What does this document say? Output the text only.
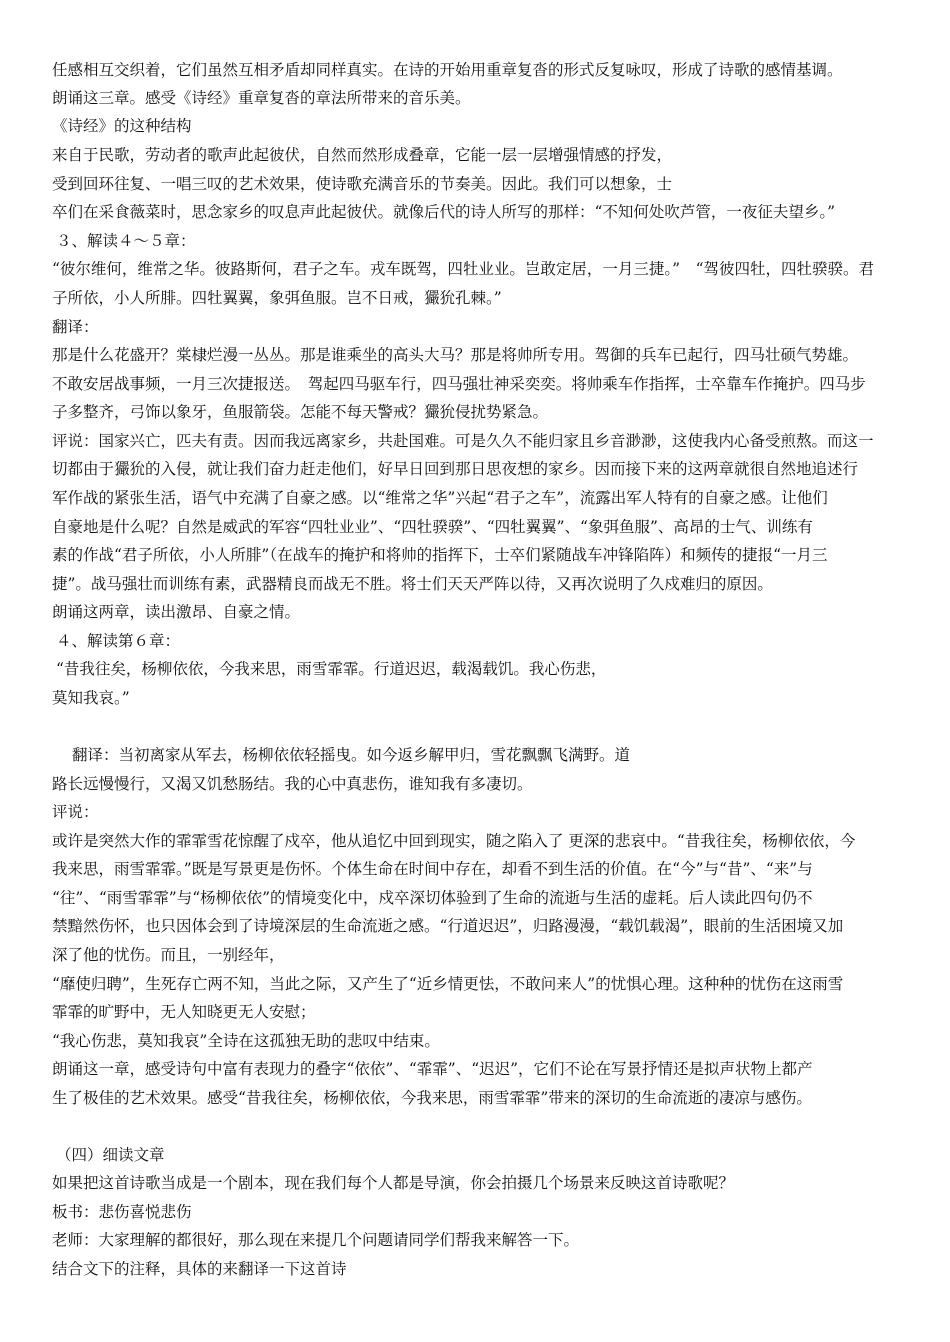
任感相互交织着，它们虽然互相矛盾却同样真实。在诗的开始用重章复沓的形式反复咏叹，形成了诗歌的感情基调。
朗诵这三章。感受《诗经》重章复沓的章法所带来的音乐美。
《诗经》的这种结构
来自于民歌，劳动者的歌声此起彼伏，自然而然形成叠章，它能一层一层增强情感的抒发，
受到回环往复、一唱三叹的艺术效果，使诗歌充满音乐的节奏美。因此。我们可以想象，士
卒们在采食薇菜时，思念家乡的叹息声此起彼伏。就像后代的诗人所写的那样：“不知何处吹芦管，一夜征夫望乡。”
３、解读４～５章：
“彼尔维何，维常之华。彼路斯何，君子之车。戎车既驾，四牡业业。岂敢定居，一月三捷。”　“驾彼四牡，四牡骙骙。君
子所依，小人所腓。四牡翼翼，象弭鱼服。岂不日戒，玁狁孔棘。”
翻译：
那是什么花盛开？棠棣烂漫一丛丛。那是谁乘坐的高头大马？那是将帅所专用。驾御的兵车已起行，四马壮硕气势雄。
不敢安居战事频，一月三次捷报送。　驾起四马驱车行，四马强壮神采奕奕。将帅乘车作指挥，士卒靠车作掩护。四马步
子多整齐，弓饰以象牙，鱼服箭袋。怎能不每天警戒？玁狁侵扰势紧急。
评说：国家兴亡，匹夫有责。因而我远离家乡，共赴国难。可是久久不能归家且乡音渺渺，这使我内心备受煎熬。而这一
切都由于玁狁的入侵，就让我们奋力赶走他们，好早日回到那日思夜想的家乡。因而接下来的这两章就很自然地追述行
军作战的紧张生活，语气中充满了自豪之感。以“维常之华”兴起“君子之车”，流露出军人特有的自豪之感。让他们
自豪地是什么呢？自然是威武的军容“四牡业业”、“四牡骙骙”、“四牡翼翼”、“象弭鱼服”、高昂的士气、训练有
素的作战“君子所依，小人所腓”（在战车的掩护和将帅的指挥下，士卒们紧随战车冲锋陷阵）和频传的捷报“一月三
捷”。战马强壮而训练有素，武器精良而战无不胜。将士们天天严阵以待，又再次说明了久戍难归的原因。
朗诵这两章，读出激昂、自豪之情。
４、解读第６章：
“昔我往矣，杨柳依依，今我来思，雨雪霏霏。行道迟迟，载渴载饥。我心伤悲，
莫知我哀。”
翻译：当初离家从军去，杨柳依依轻摇曳。如今返乡解甲归，雪花飘飘飞满野。道
路长远慢慢行，又渴又饥愁肠结。我的心中真悲伤，谁知我有多凄切。
评说：
或许是突然大作的霏霏雪花惊醒了戍卒，他从追忆中回到现实，随之陷入了 更深的悲哀中。“昔我往矣，杨柳依依，今
我来思，雨雪霏霏。”既是写景更是伤怀。个体生命在时间中存在，却看不到生活的价值。在“今”与“昔”、“来”与
“往”、“雨雪霏霏”与“杨柳依依”的情境变化中，戍卒深切体验到了生命的流逝与生活的虚耗。后人读此四句仍不
禁黯然伤怀，也只因体会到了诗境深层的生命流逝之感。“行道迟迟”，归路漫漫，“载饥载渴”，眼前的生活困境又加
深了他的忧伤。而且，一别经年，
“靡使归聘”，生死存亡两不知，当此之际，又产生了“近乡情更怯，不敢问来人”的忧惧心理。这种种的忧伤在这雨雪
霏霏的旷野中，无人知晓更无人安慰；
“我心伤悲，莫知我哀”全诗在这孤独无助的悲叹中结束。
朗诵这一章，感受诗句中富有表现力的叠字“依依”、“霏霏”、“迟迟”，它们不论在写景抒情还是拟声状物上都产
生了极佳的艺术效果。感受“昔我往矣，杨柳依依，今我来思，雨雪霏霏”带来的深切的生命流逝的凄凉与感伤。
（四）细读文章
如果把这首诗歌当成是一个剧本，现在我们每个人都是导演，你会拍摄几个场景来反映这首诗歌呢？
板书：悲伤喜悦悲伤
老师：大家理解的都很好，那么现在来提几个问题请同学们帮我来解答一下。
结合文下的注释，具体的来翻译一下这首诗
